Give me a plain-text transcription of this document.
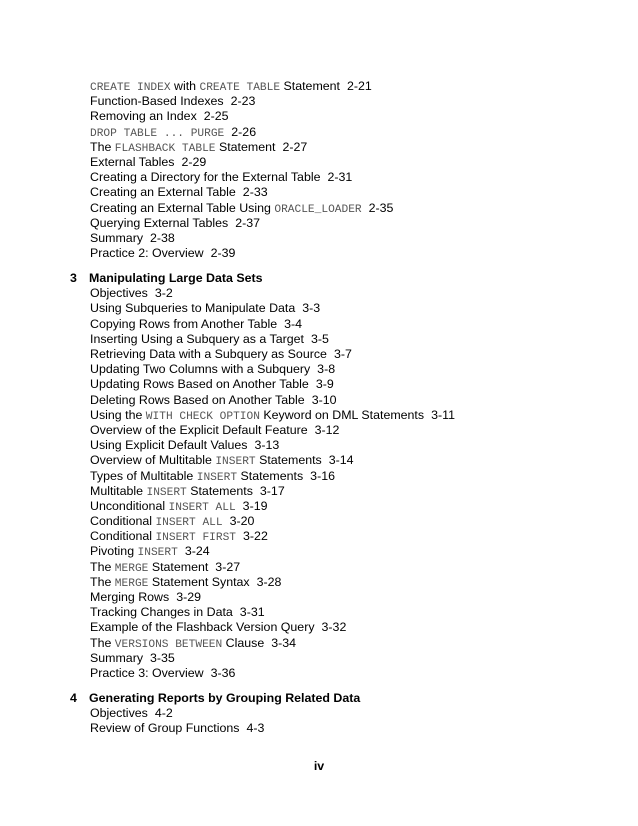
CREATE INDEX with CREATE TABLE Statement 2-21
Function-Based Indexes 2-23
Removing an Index 2-25
DROP TABLE ... PURGE 2-26
The FLASHBACK TABLE Statement 2-27
External Tables 2-29
Creating a Directory for the External Table 2-31
Creating an External Table 2-33
Creating an External Table Using ORACLE_LOADER 2-35
Querying External Tables 2-37
Summary 2-38
Practice 2: Overview 2-39
3 Manipulating Large Data Sets
Objectives 3-2
Using Subqueries to Manipulate Data 3-3
Copying Rows from Another Table 3-4
Inserting Using a Subquery as a Target 3-5
Retrieving Data with a Subquery as Source 3-7
Updating Two Columns with a Subquery 3-8
Updating Rows Based on Another Table 3-9
Deleting Rows Based on Another Table 3-10
Using the WITH CHECK OPTION Keyword on DML Statements 3-11
Overview of the Explicit Default Feature 3-12
Using Explicit Default Values 3-13
Overview of Multitable INSERT Statements 3-14
Types of Multitable INSERT Statements 3-16
Multitable INSERT Statements 3-17
Unconditional INSERT ALL 3-19
Conditional INSERT ALL 3-20
Conditional INSERT FIRST 3-22
Pivoting INSERT 3-24
The MERGE Statement 3-27
The MERGE Statement Syntax 3-28
Merging Rows 3-29
Tracking Changes in Data 3-31
Example of the Flashback Version Query 3-32
The VERSIONS BETWEEN Clause 3-34
Summary 3-35
Practice 3: Overview 3-36
4 Generating Reports by Grouping Related Data
Objectives 4-2
Review of Group Functions 4-3
iv
